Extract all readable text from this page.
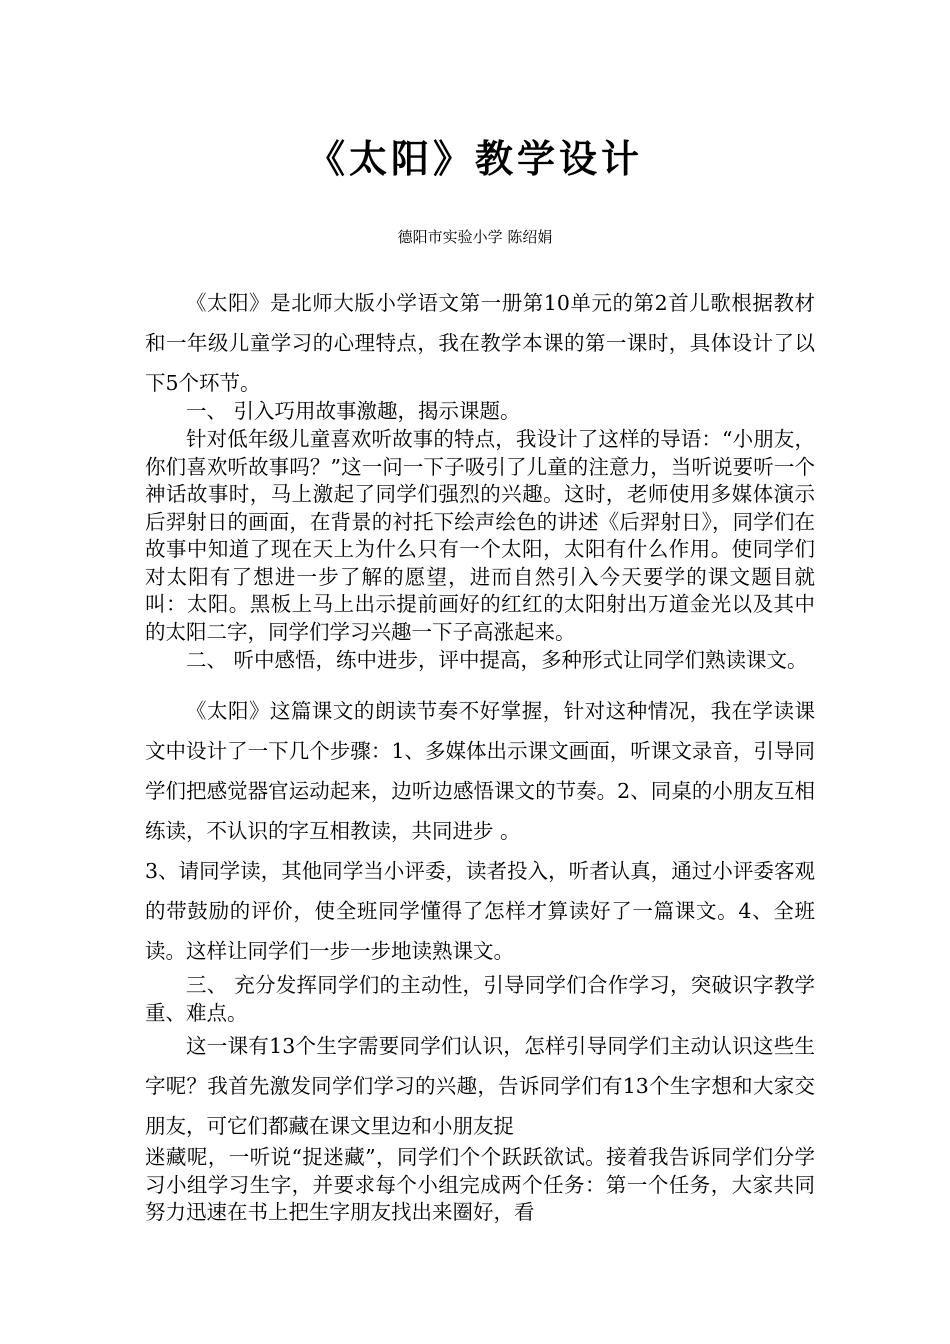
《太阳》教学设计
德阳市实验小学 陈绍娟

《太阳》是北师大版小学语文第一册第10单元的第2首儿歌根据教材和一年级儿童学习的心理特点，我在教学本课的第一课时，具体设计了以下5个环节。

一、 引入巧用故事激趣，揭示课题。

针对低年级儿童喜欢听故事的特点，我设计了这样的导语：“小朋友，你们喜欢听故事吗？”这一问一下子吸引了儿童的注意力，当听说要听一个神话故事时，马上激起了同学们强烈的兴趣。这时，老师使用多媒体演示后羿射日的画面，在背景的衬托下绘声绘色的讲述《后羿射日》，同学们在故事中知道了现在天上为什么只有一个太阳，太阳有什么作用。使同学们对太阳有了想进一步了解的愿望，进而自然引入今天要学的课文题目就叫：太阳。黑板上马上出示提前画好的红红的太阳射出万道金光以及其中的太阳二字，同学们学习兴趣一下子高涨起来。

二、 听中感悟，练中进步，评中提高，多种形式让同学们熟读课文。

《太阳》这篇课文的朗读节奏不好掌握，针对这种情况，我在学读课文中设计了一下几个步骤：1、多媒体出示课文画面，听课文录音，引导同学们把感觉器官运动起来，边听边感悟课文的节奏。2、同桌的小朋友互相练读，不认识的字互相教读，共同进步 。

3、请同学读，其他同学当小评委，读者投入，听者认真，通过小评委客观的带鼓励的评价，使全班同学懂得了怎样才算读好了一篇课文。4、全班读。这样让同学们一步一步地读熟课文。

三、 充分发挥同学们的主动性，引导同学们合作学习，突破识字教学重、难点。

这一课有13个生字需要同学们认识，怎样引导同学们主动认识这些生字呢？我首先激发同学们学习的兴趣，告诉同学们有13个生字想和大家交朋友，可它们都藏在课文里边和小朋友捉

迷藏呢，一听说“捉迷藏”，同学们个个跃跃欲试。接着我告诉同学们分学习小组学习生字，并要求每个小组完成两个任务：第一个任务，大家共同努力迅速在书上把生字朋友找出来圈好，看
